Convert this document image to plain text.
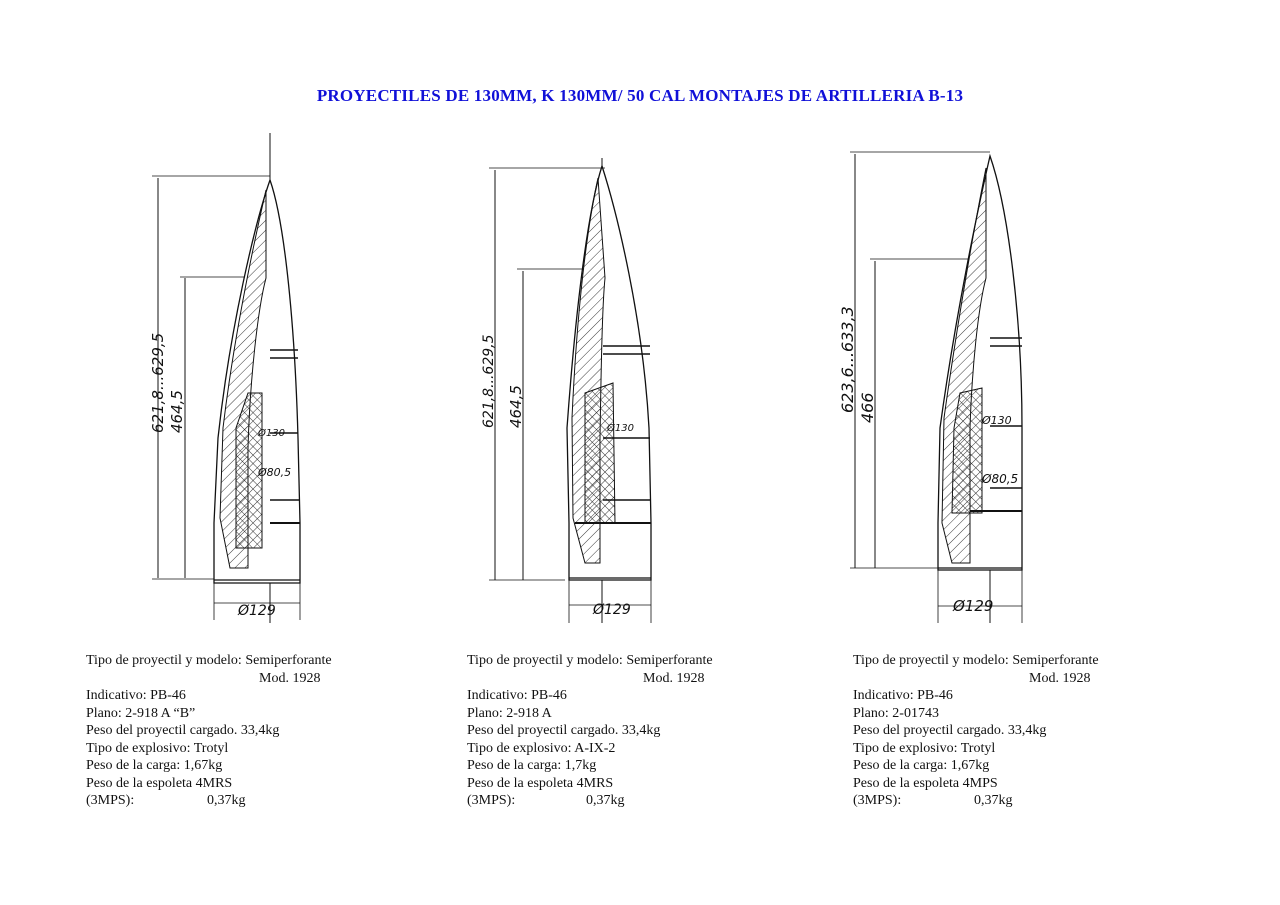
PROYECTILES DE 130MM, K 130MM/ 50 CAL MONTAJES DE ARTILLERIA B-13
621,8...629,5 464,5
Ø130
Ø80,5
Ø129
621,8...629,5 464,5
Ø130
Ø129
623,6...633,3 466	Ø130
Ø80,5
Ø129
Tipo de proyectil y modelo: Semiperforante
Mod. 1928
Indicativo: PB-46
Plano: 2-918 A “B”
Peso del proyectil cargado. 33,4kg
Tipo de explosivo: Trotyl
Peso de la carga: 1,67kg
Peso de la espoleta 4MRS
(3MPS):	0,37kg
Tipo de proyectil y modelo: Semiperforante
Mod. 1928
Indicativo: PB-46
Plano: 2-918 A
Peso del proyectil cargado. 33,4kg
Tipo de explosivo: A-IX-2
Peso de la carga: 1,7kg
Peso de la espoleta 4MRS
(3MPS):	0,37kg
Tipo de proyectil y modelo: Semiperforante
Mod. 1928
Indicativo: PB-46
Plano: 2-01743
Peso del proyectil cargado. 33,4kg
Tipo de explosivo: Trotyl
Peso de la carga: 1,67kg
Peso de la espoleta 4MPS
(3MPS):	0,37kg
